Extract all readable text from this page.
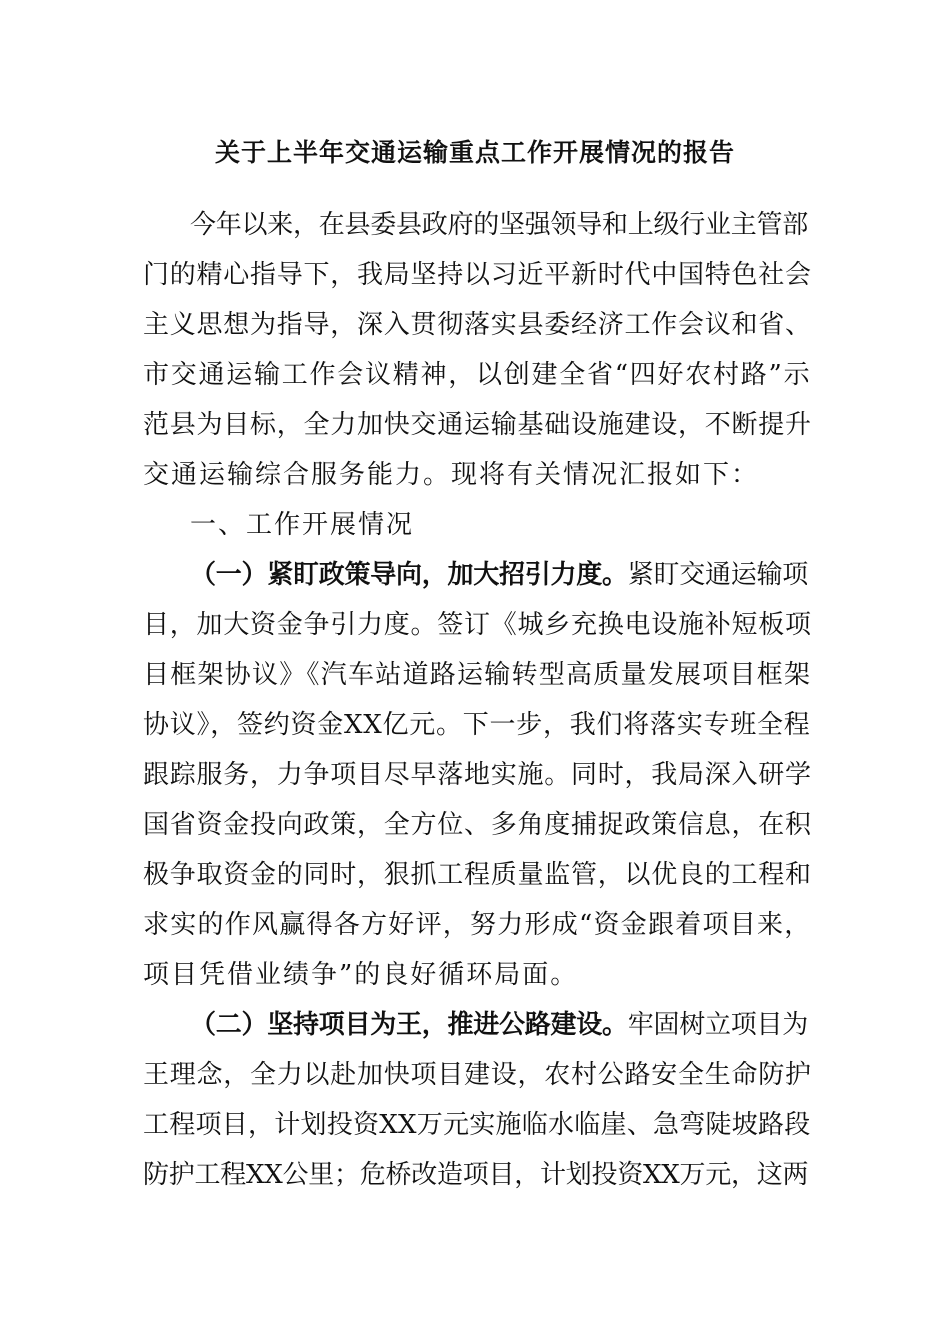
关于上半年交通运输重点工作开展情况的报告
今年以来，在县委县政府的坚强领导和上级行业主管部
门的精心指导下，我局坚持以习近平新时代中国特色社会
主义思想为指导，深入贯彻落实县委经济工作会议和省、
市交通运输工作会议精神，以创建全省“四好农村路”示
范县为目标，全力加快交通运输基础设施建设，不断提升
交通运输综合服务能力。现将有关情况汇报如下：
一、工作开展情况
（一）紧盯政策导向，加大招引力度。紧盯交通运输项
目，加大资金争引力度。签订《城乡充换电设施补短板项
目框架协议》《汽车站道路运输转型高质量发展项目框架
协议》，签约资金XX亿元。下一步，我们将落实专班全程
跟踪服务，力争项目尽早落地实施。同时，我局深入研学
国省资金投向政策，全方位、多角度捕捉政策信息，在积
极争取资金的同时，狠抓工程质量监管，以优良的工程和
求实的作风赢得各方好评，努力形成“资金跟着项目来，
项目凭借业绩争”的良好循环局面。
（二）坚持项目为王，推进公路建设。牢固树立项目为
王理念，全力以赴加快项目建设，农村公路安全生命防护
工程项目，计划投资XX万元实施临水临崖、急弯陡坡路段
防护工程XX公里；危桥改造项目，计划投资XX万元，这两
